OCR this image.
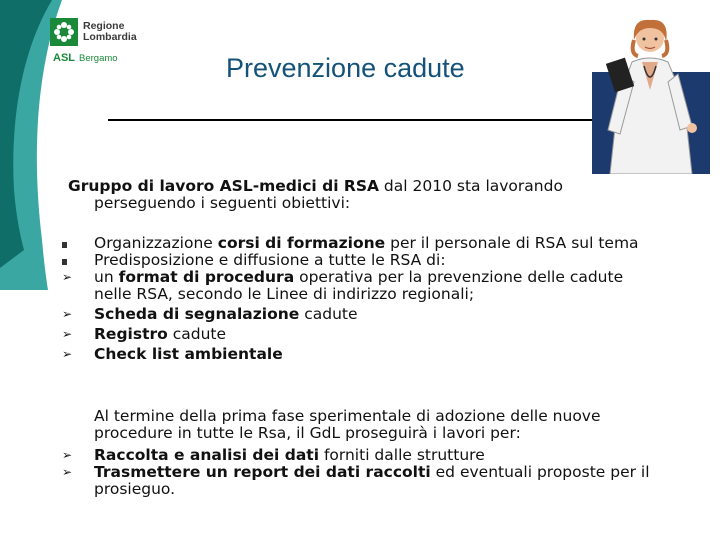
Regione
Lombardia
ASL Bergamo	Prevenzione cadute
Gruppo di lavoro ASL-medici di RSA dal 2010 sta lavorando
perseguendo i seguenti obiettivi:
Organizzazione corsi di formazione per il personale di RSA sul tema
Predisposizione e diffusione a tutte le RSA di:
➢	un format di procedura operativa per la prevenzione delle cadute nelle RSA, secondo le Linee di indirizzo regionali;
➢	Scheda di segnalazione cadute
➢	Registro cadute
➢	Check list ambientale
Al termine della prima fase sperimentale di adozione delle nuove procedure in tutte le Rsa, il GdL proseguirà i lavori per:
➢	Raccolta e analisi dei dati forniti dalle strutture
➢	Trasmettere un report dei dati raccolti ed eventuali proposte per il prosieguo.
